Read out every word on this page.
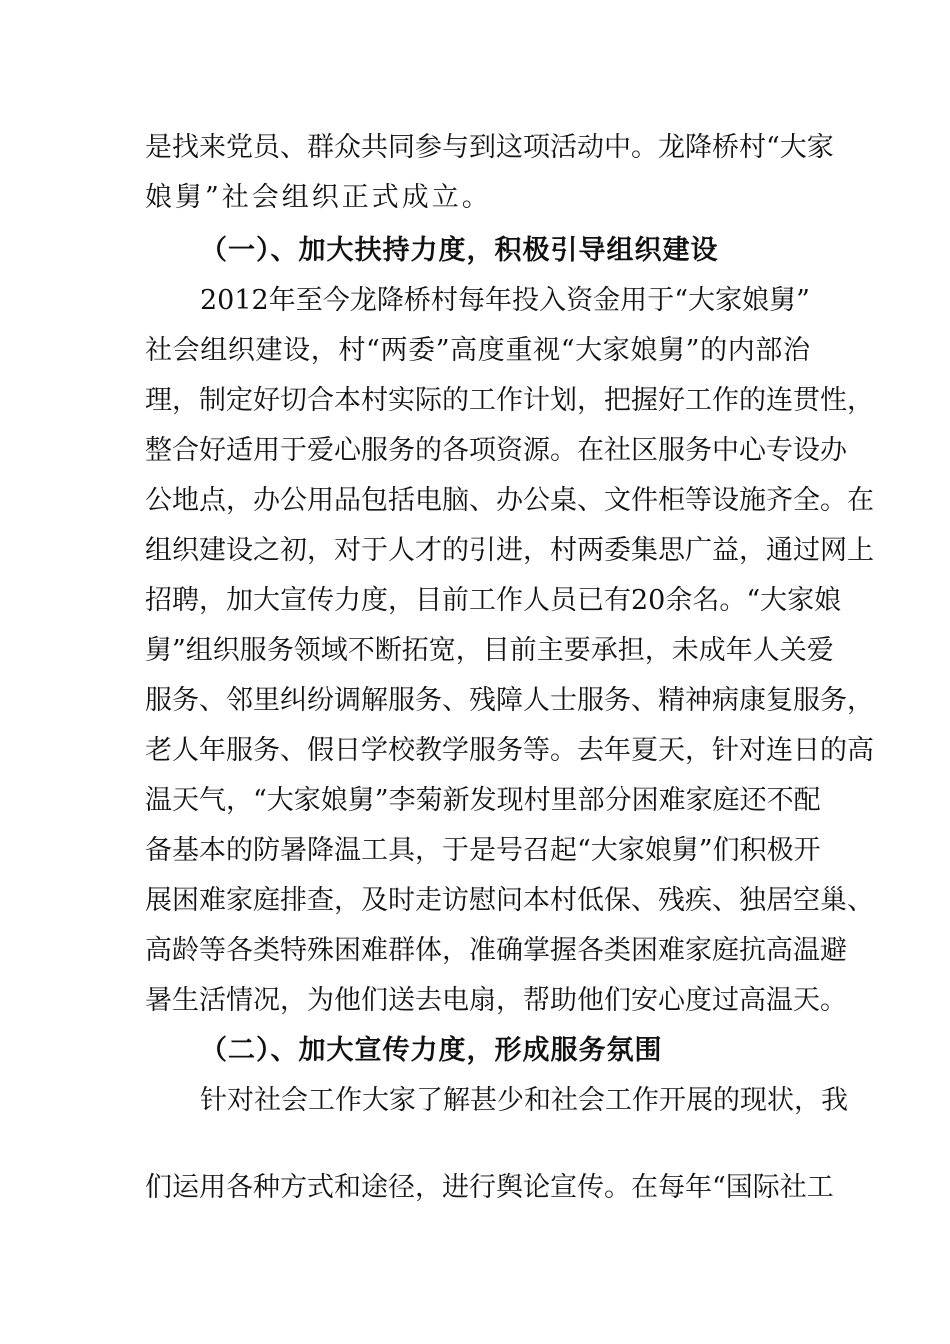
是找来党员、群众共同参与到这项活动中。龙降桥村“大家
娘舅”社会组织正式成立。
（一）、加大扶持力度，积极引导组织建设
2012年至今龙降桥村每年投入资金用于“大家娘舅”
社会组织建设，村“两委”高度重视“大家娘舅”的内部治
理，制定好切合本村实际的工作计划，把握好工作的连贯性，
整合好适用于爱心服务的各项资源。在社区服务中心专设办
公地点，办公用品包括电脑、办公桌、文件柜等设施齐全。在
组织建设之初，对于人才的引进，村两委集思广益，通过网上
招聘，加大宣传力度，目前工作人员已有20余名。“大家娘
舅”组织服务领域不断拓宽，目前主要承担，未成年人关爱
服务、邻里纠纷调解服务、残障人士服务、精神病康复服务，
老人年服务、假日学校教学服务等。去年夏天，针对连日的高
温天气，“大家娘舅”李菊新发现村里部分困难家庭还不配
备基本的防暑降温工具，于是号召起“大家娘舅”们积极开
展困难家庭排查，及时走访慰问本村低保、残疾、独居空巢、
高龄等各类特殊困难群体，准确掌握各类困难家庭抗高温避
暑生活情况，为他们送去电扇，帮助他们安心度过高温天。
（二）、加大宣传力度，形成服务氛围
针对社会工作大家了解甚少和社会工作开展的现状，我
们运用各种方式和途径，进行舆论宣传。在每年“国际社工
